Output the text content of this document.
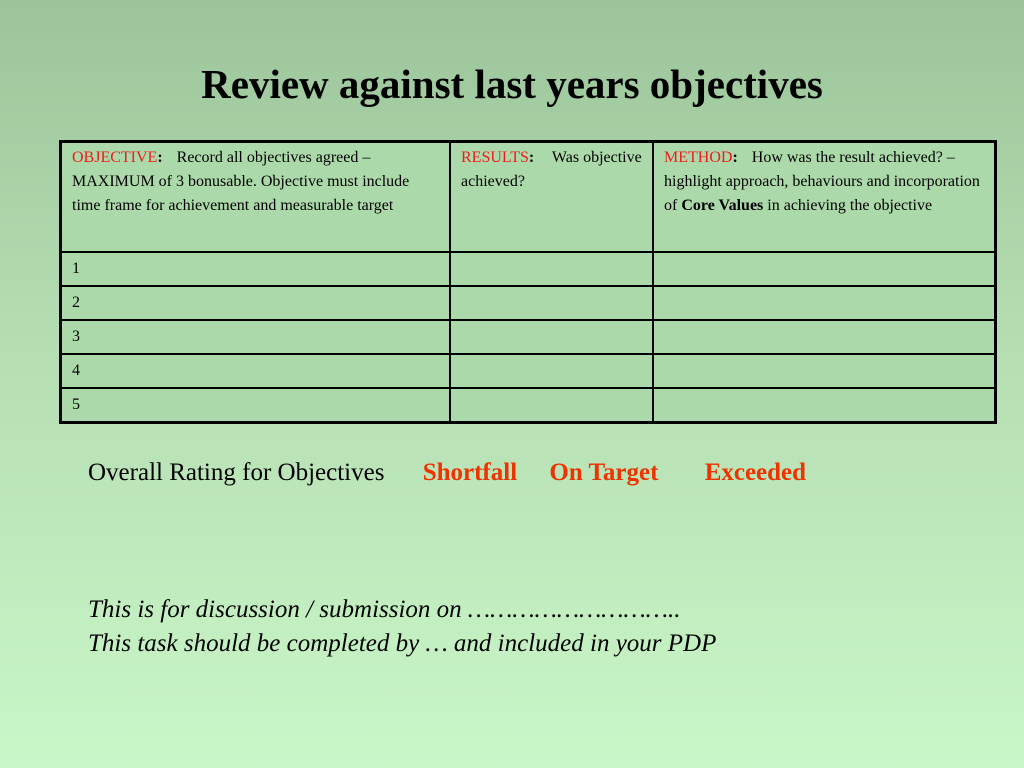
Review against last years objectives
OBJECTIVE: Record all objectives agreed – MAXIMUM of 3 bonusable. Objective must include time frame for achievement and measurable target	RESULTS: Was objective achieved?	METHOD: How was the result achieved? – highlight approach, behaviours and incorporation of Core Values in achieving the objective
1		
2		
3		
4		
5		
Overall Rating for Objectives Shortfall On Target Exceeded
This is for discussion / submission on ………………………..
This task should be completed by … and included in your PDP
